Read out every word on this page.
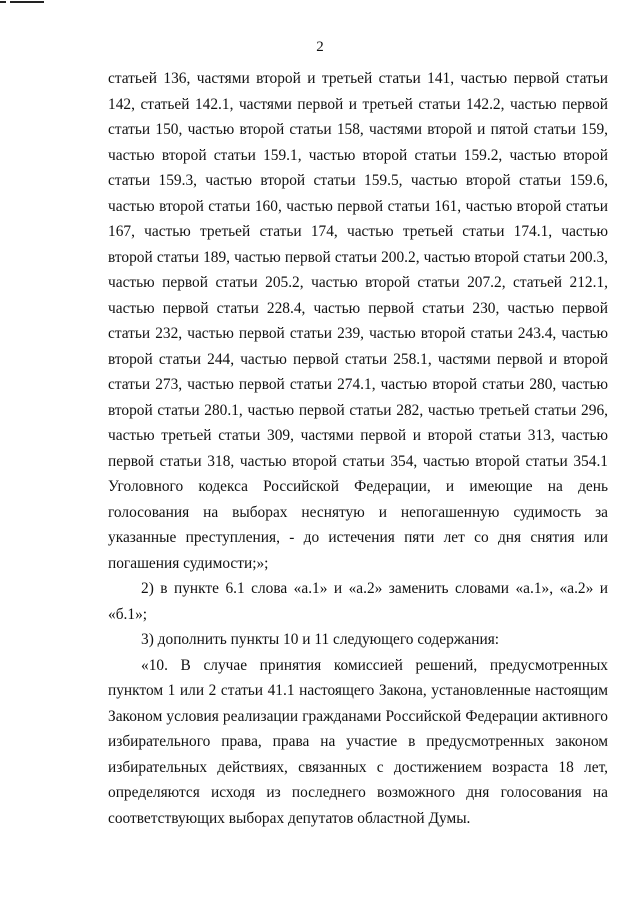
2

статьей 136, частями второй и третьей статьи 141, частью первой статьи 142, статьей 142.1, частями первой и третьей статьи 142.2, частью первой статьи 150, частью второй статьи 158, частями второй и пятой статьи 159, частью второй статьи 159.1, частью второй статьи 159.2, частью второй статьи 159.3, частью второй статьи 159.5, частью второй статьи 159.6, частью второй статьи 160, частью первой статьи 161, частью второй статьи 167, частью третьей статьи 174, частью третьей статьи 174.1, частью второй статьи 189, частью первой статьи 200.2, частью второй статьи 200.3, частью первой статьи 205.2, частью второй статьи 207.2, статьей 212.1, частью первой статьи 228.4, частью первой статьи 230, частью первой статьи 232, частью первой статьи 239, частью второй статьи 243.4, частью второй статьи 244, частью первой статьи 258.1, частями первой и второй статьи 273, частью первой статьи 274.1, частью второй статьи 280, частью второй статьи 280.1, частью первой статьи 282, частью третьей статьи 296, частью третьей статьи 309, частями первой и второй статьи 313, частью первой статьи 318, частью второй статьи 354, частью второй статьи 354.1 Уголовного кодекса Российской Федерации, и имеющие на день голосования на выборах неснятую и непогашенную судимость за указанные преступления, - до истечения пяти лет со дня снятия или погашения судимости;»;

2) в пункте 6.1 слова «а.1» и «а.2» заменить словами «а.1», «а.2» и «б.1»;

3) дополнить пункты 10 и 11 следующего содержания:

«10. В случае принятия комиссией решений, предусмотренных пунктом 1 или 2 статьи 41.1 настоящего Закона, установленные настоящим Законом условия реализации гражданами Российской Федерации активного избирательного права, права на участие в предусмотренных законом избирательных действиях, связанных с достижением возраста 18 лет, определяются исходя из последнего возможного дня голосования на соответствующих выборах депутатов областной Думы.
